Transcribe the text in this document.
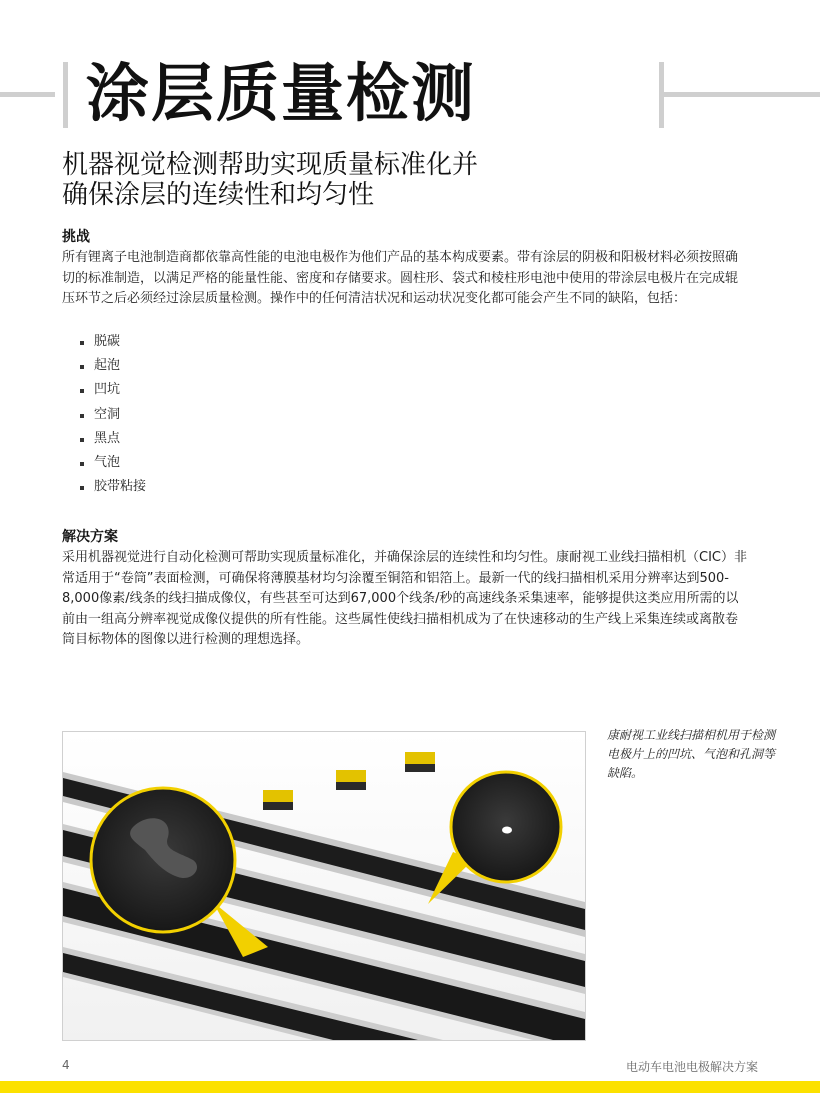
涂层质量检测
机器视觉检测帮助实现质量标准化并
确保涂层的连续性和均匀性
挑战
所有锂离子电池制造商都依靠高性能的电池电极作为他们产品的基本构成要素。带有涂层的阴极和阳极材料必须按照确切的标准制造，以满足严格的能量性能、密度和存储要求。圆柱形、袋式和棱柱形电池中使用的带涂层电极片在完成辊压环节之后必须经过涂层质量检测。操作中的任何清洁状况和运动状况变化都可能会产生不同的缺陷，包括：
脱碳
起泡
凹坑
空洞
黑点
气泡
胶带粘接
解决方案
采用机器视觉进行自动化检测可帮助实现质量标准化，并确保涂层的连续性和均匀性。康耐视工业线扫描相机（CIC）非常适用于“卷筒”表面检测，可确保将薄膜基材均匀涂覆至铜箔和铝箔上。最新一代的线扫描相机采用分辨率达到500-8,000像素/线条的线扫描成像仪，有些甚至可达到67,000个线条/秒的高速线条采集速率，能够提供这类应用所需的以前由一组高分辨率视觉成像仪提供的所有性能。这些属性使线扫描相机成为了在快速移动的生产线上采集连续或离散卷筒目标物体的图像以进行检测的理想选择。
康耐视工业线扫描相机用于检测电极片上的凹坑、气泡和孔洞等缺陷。
4	电动车电池电极解决方案
